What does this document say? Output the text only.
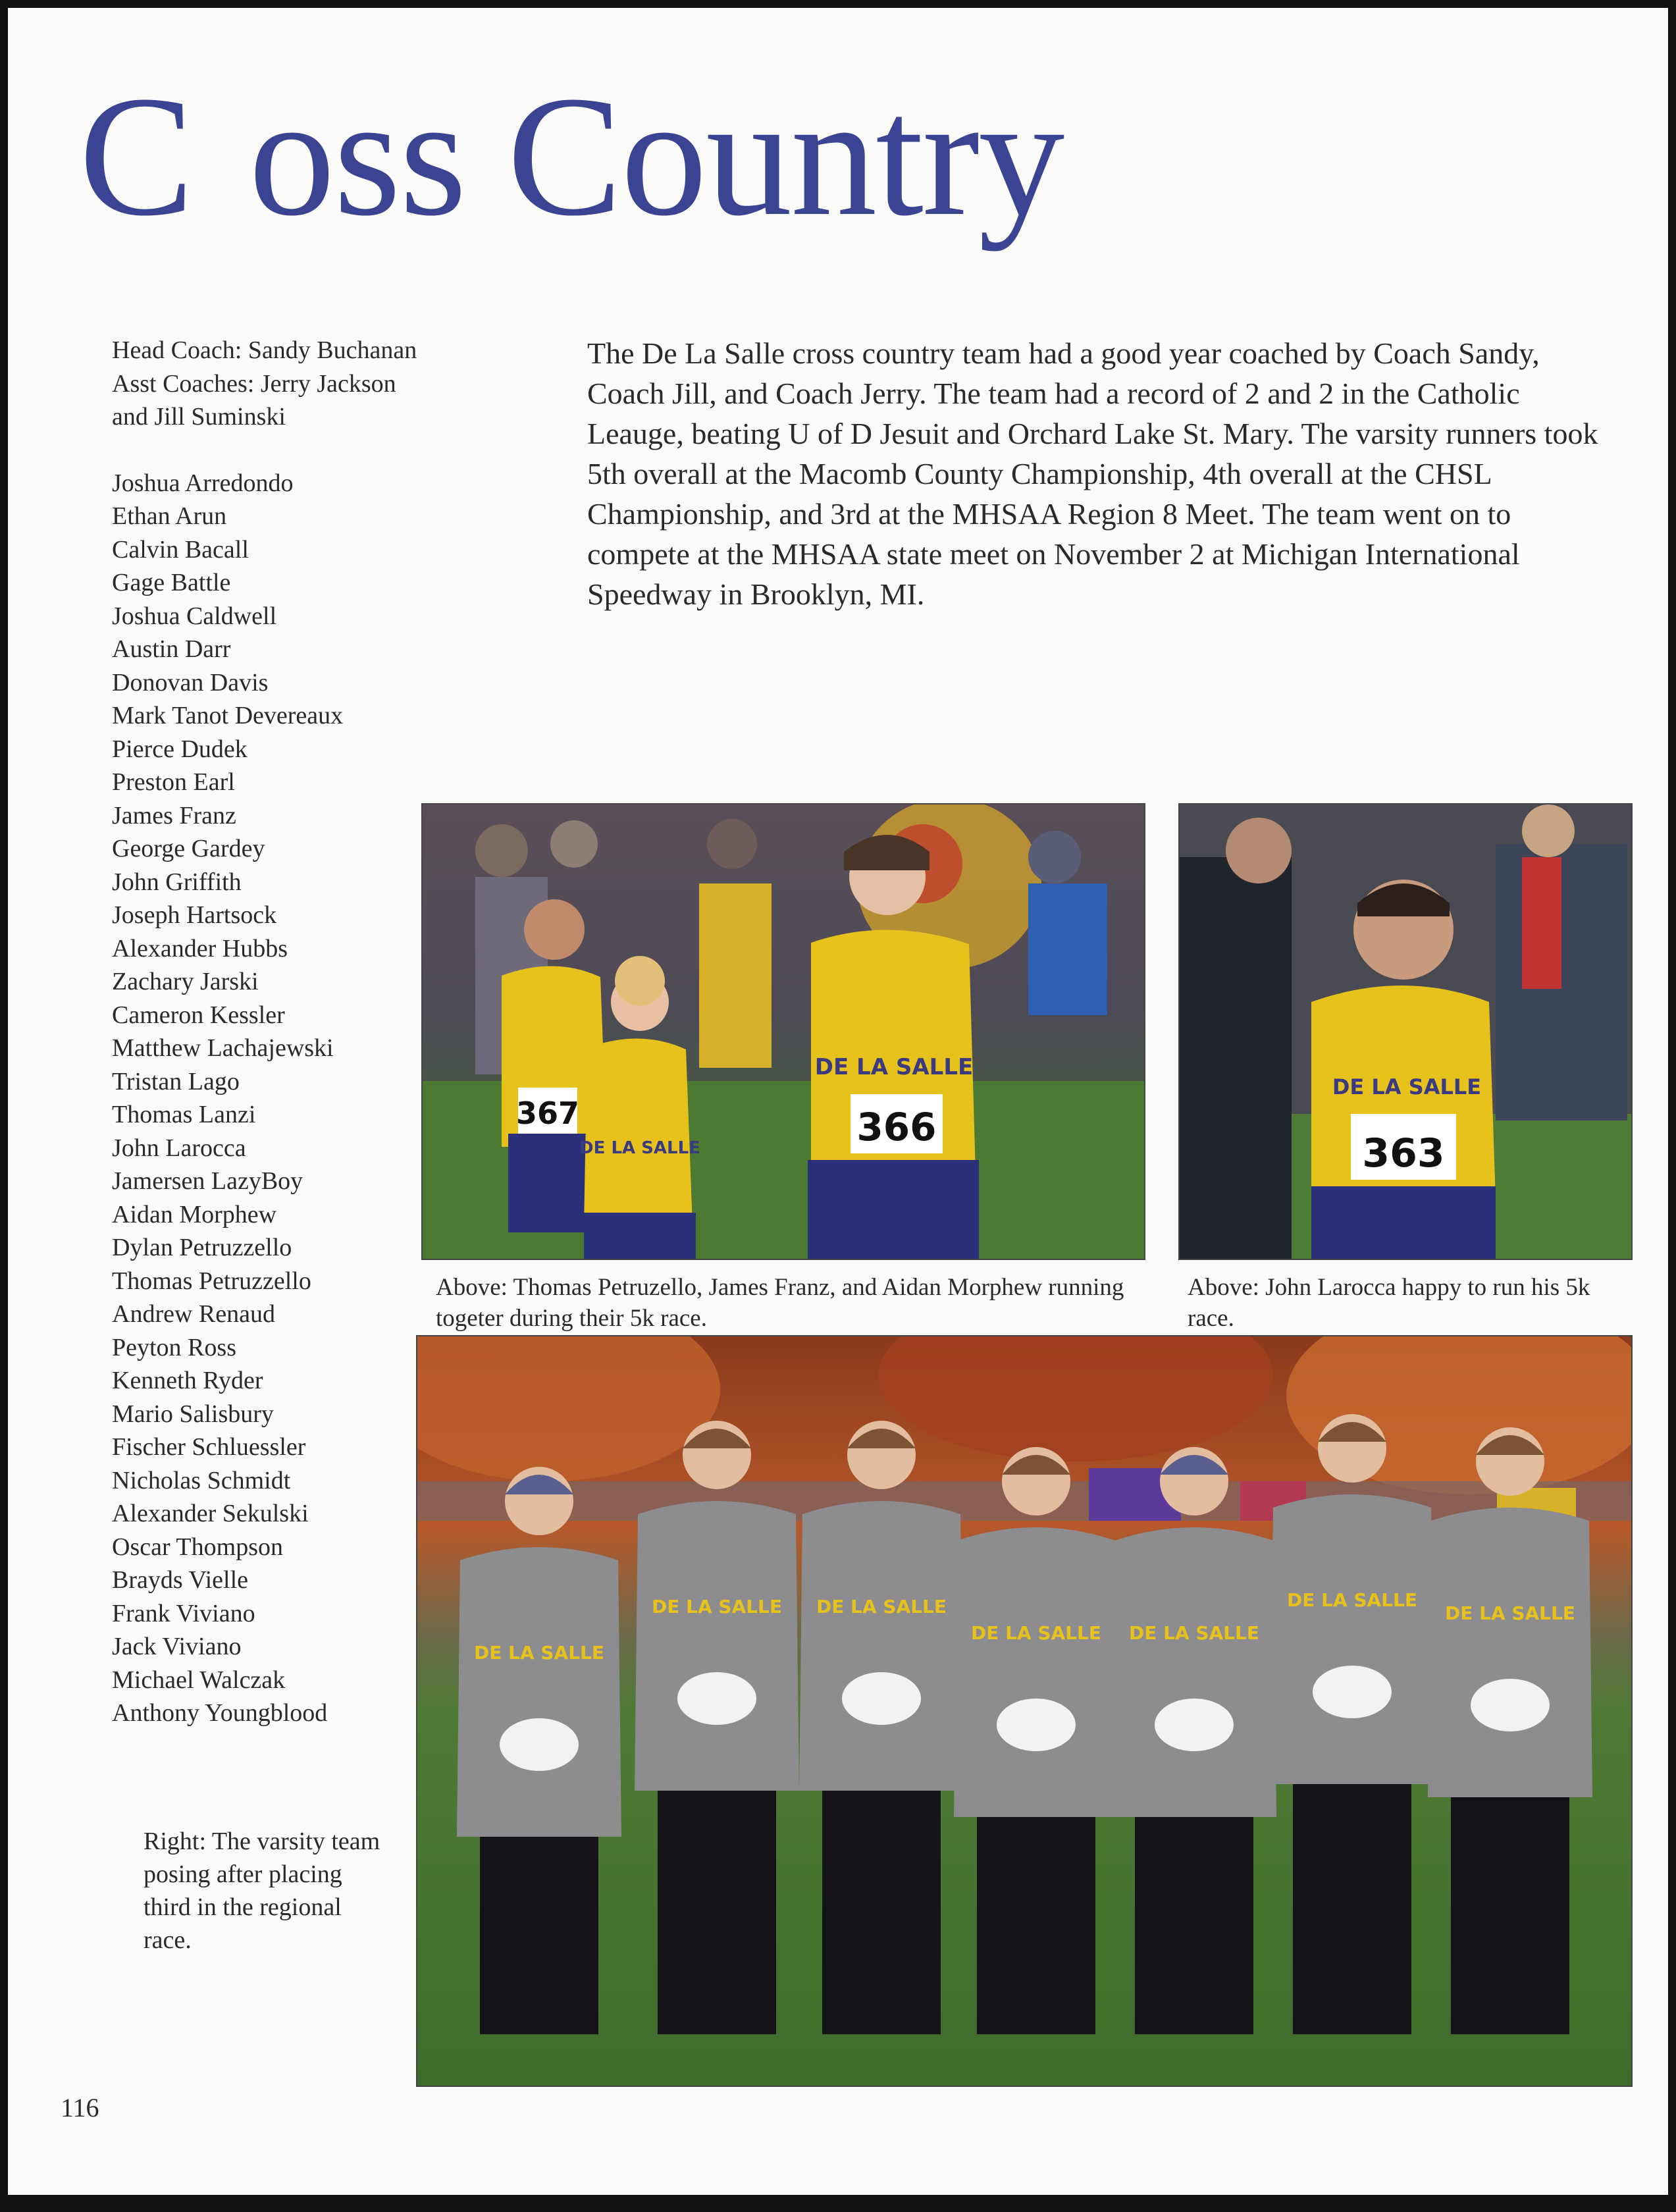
Cross Country
Head Coach: Sandy Buchanan
Asst Coaches: Jerry Jackson
and Jill Suminski
Joshua Arredondo
Ethan Arun
Calvin Bacall
Gage Battle
Joshua Caldwell
Austin Darr
Donovan Davis
Mark Tanot Devereaux
Pierce Dudek
Preston Earl
James Franz
George Gardey
John Griffith
Joseph Hartsock
Alexander Hubbs
Zachary Jarski
Cameron Kessler
Matthew Lachajewski
Tristan Lago
Thomas Lanzi
John Larocca
Jamersen LazyBoy
Aidan Morphew
Dylan Petruzzello
Thomas Petruzzello
Andrew Renaud
Peyton Ross
Kenneth Ryder
Mario Salisbury
Fischer Schluessler
Nicholas Schmidt
Alexander Sekulski
Oscar Thompson
Brayds Vielle
Frank Viviano
Jack Viviano
Michael Walczak
Anthony Youngblood

The De La Salle cross country team had a good year coached by Coach Sandy, Coach Jill, and Coach Jerry. The team had a record of 2 and 2 in the Catholic Leauge, beating U of D Jesuit and Orchard Lake St. Mary. The varsity runners took 5th overall at the Macomb County Championship, 4th overall at the CHSL Championship, and 3rd at the MHSAA Region 8 Meet. The team went on to compete at the MHSAA state meet on November 2 at Michigan International Speedway in Brooklyn, MI.

367
DE LA SALLE	366
DE LA SALLE
Above: Thomas Petruzello, James Franz, and Aidan Morphew running togeter during their 5k race.
363
DE LA SALLE
Above: John Larocca happy to run his 5k race.
DE LA SALLE
DE LA SALLE DE LA SALLE
DE LA SALLE DE LA SALLE
DE LA SALLE
DE LA SALLE

Right: The varsity team posing after placing third in the regional race.

116
